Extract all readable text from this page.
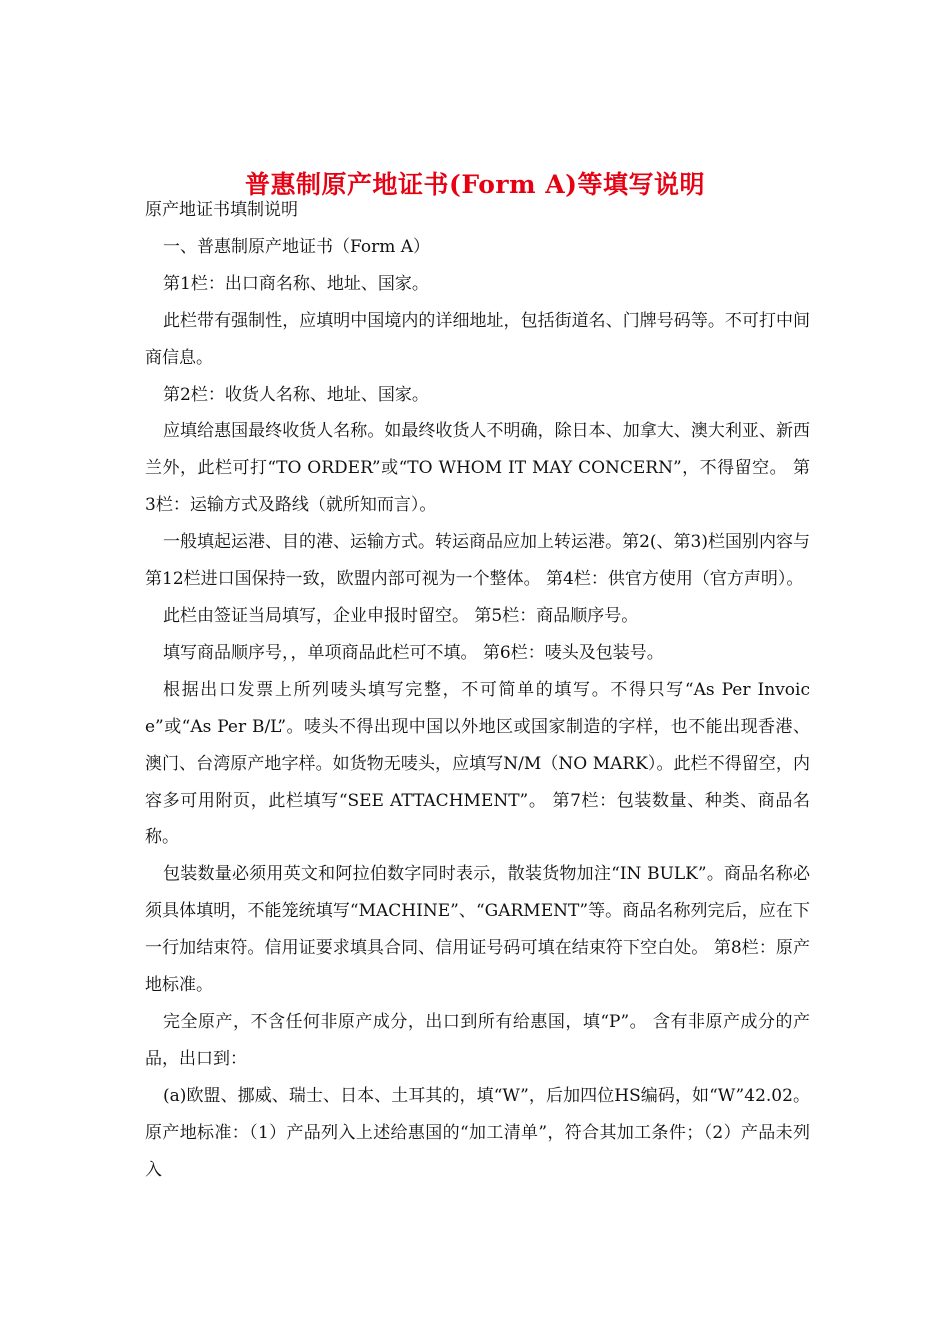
普惠制原产地证书(Form A)等填写说明

原产地证书填制说明

一、普惠制原产地证书（Form A）

第1栏：出口商名称、地址、国家。

此栏带有强制性，应填明中国境内的详细地址，包括街道名、门牌号码等。不可打中间商信息。

第2栏：收货人名称、地址、国家。

应填给惠国最终收货人名称。如最终收货人不明确，除日本、加拿大、澳大利亚、新西兰外，此栏可打“TO ORDER”或“TO WHOM IT MAY CONCERN”，不得留空。 第3栏：运输方式及路线（就所知而言）。

一般填起运港、目的港、运输方式。转运商品应加上转运港。第2(、第3)栏国别内容与第12栏进口国保持一致，欧盟内部可视为一个整体。 第4栏：供官方使用（官方声明）。

此栏由签证当局填写，企业申报时留空。 第5栏：商品顺序号。

填写商品顺序号，，单项商品此栏可不填。 第6栏：唛头及包装号。

根据出口发票上所列唛头填写完整，不可简单的填写。不得只写“As Per Invoice”或“As Per B/L”。唛头不得出现中国以外地区或国家制造的字样，也不能出现香港、澳门、台湾原产地字样。如货物无唛头，应填写N/M（NO MARK）。此栏不得留空，内容多可用附页，此栏填写“SEE ATTACHMENT”。 第7栏：包装数量、种类、商品名称。

包装数量必须用英文和阿拉伯数字同时表示，散装货物加注“IN BULK”。商品名称必须具体填明，不能笼统填写“MACHINE”、“GARMENT”等。商品名称列完后，应在下一行加结束符。信用证要求填具合同、信用证号码可填在结束符下空白处。 第8栏：原产地标准。

完全原产，不含任何非原产成分，出口到所有给惠国，填“P”。 含有非原产成分的产品，出口到：

(a)欧盟、挪威、瑞士、日本、土耳其的，填“W”，后加四位HS编码，如“W”42.02。原产地标准：（1）产品列入上述给惠国的“加工清单”，符合其加工条件；（2）产品未列入
